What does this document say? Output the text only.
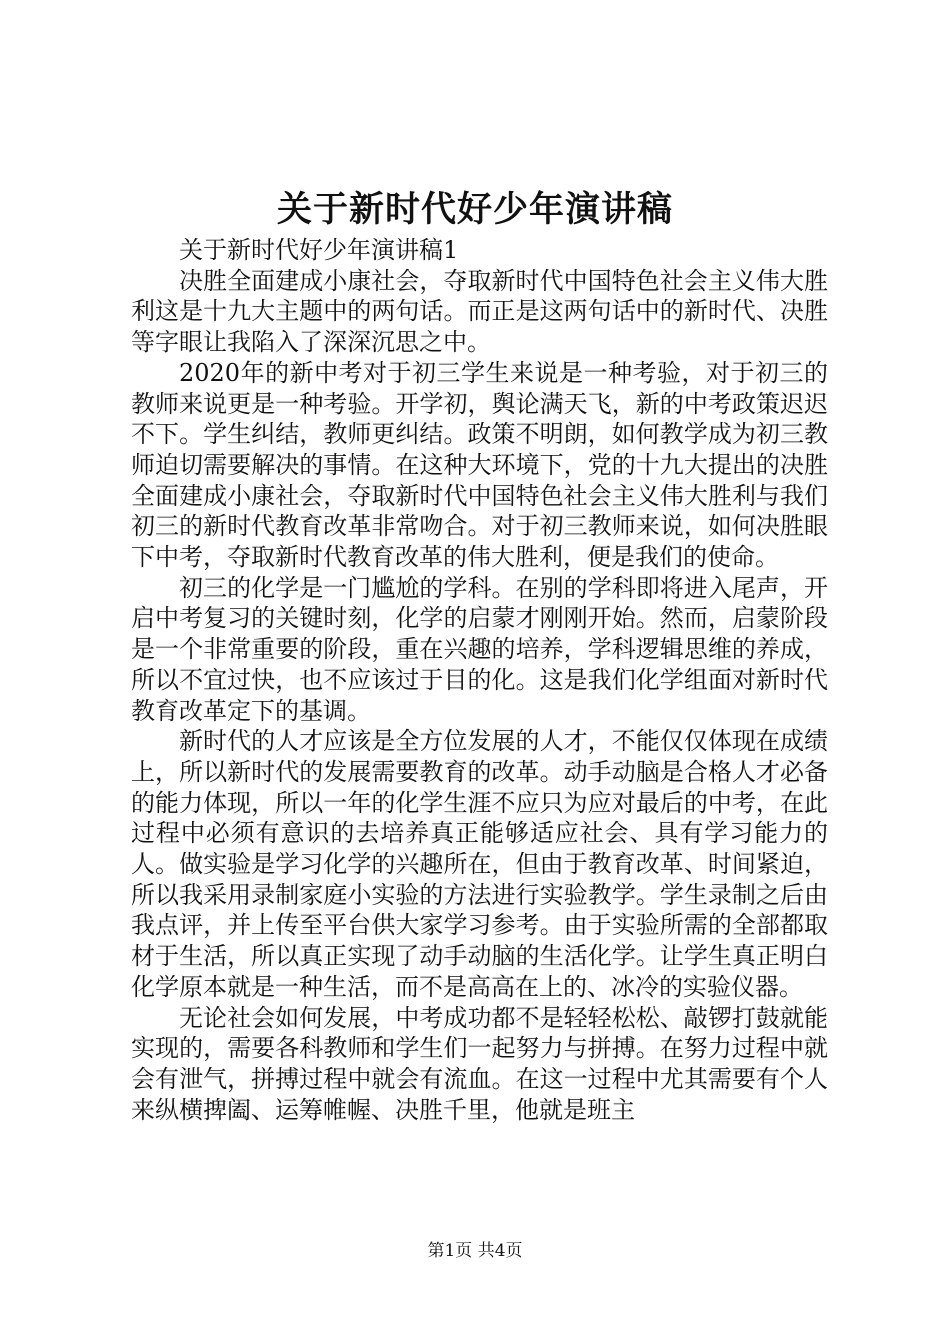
关于新时代好少年演讲稿

关于新时代好少年演讲稿1

决胜全面建成小康社会，夺取新时代中国特色社会主义伟大胜利这是十九大主题中的两句话。而正是这两句话中的新时代、决胜等字眼让我陷入了深深沉思之中。

2020年的新中考对于初三学生来说是一种考验，对于初三的教师来说更是一种考验。开学初，舆论满天飞，新的中考政策迟迟不下。学生纠结，教师更纠结。政策不明朗，如何教学成为初三教师迫切需要解决的事情。在这种大环境下，党的十九大提出的决胜全面建成小康社会，夺取新时代中国特色社会主义伟大胜利与我们初三的新时代教育改革非常吻合。对于初三教师来说，如何决胜眼下中考，夺取新时代教育改革的伟大胜利，便是我们的使命。

初三的化学是一门尴尬的学科。在别的学科即将进入尾声，开启中考复习的关键时刻，化学的启蒙才刚刚开始。然而，启蒙阶段是一个非常重要的阶段，重在兴趣的培养，学科逻辑思维的养成，所以不宜过快，也不应该过于目的化。这是我们化学组面对新时代教育改革定下的基调。

新时代的人才应该是全方位发展的人才，不能仅仅体现在成绩上，所以新时代的发展需要教育的改革。动手动脑是合格人才必备的能力体现，所以一年的化学生涯不应只为应对最后的中考，在此过程中必须有意识的去培养真正能够适应社会、具有学习能力的人。做实验是学习化学的兴趣所在，但由于教育改革、时间紧迫，所以我采用录制家庭小实验的方法进行实验教学。学生录制之后由我点评，并上传至平台供大家学习参考。由于实验所需的全部都取材于生活，所以真正实现了动手动脑的生活化学。让学生真正明白化学原本就是一种生活，而不是高高在上的、冰冷的实验仪器。

无论社会如何发展，中考成功都不是轻轻松松、敲锣打鼓就能实现的，需要各科教师和学生们一起努力与拼搏。在努力过程中就会有泄气，拼搏过程中就会有流血。在这一过程中尤其需要有个人来纵横捭阖、运筹帷幄、决胜千里，他就是班主

第1页 共4页
